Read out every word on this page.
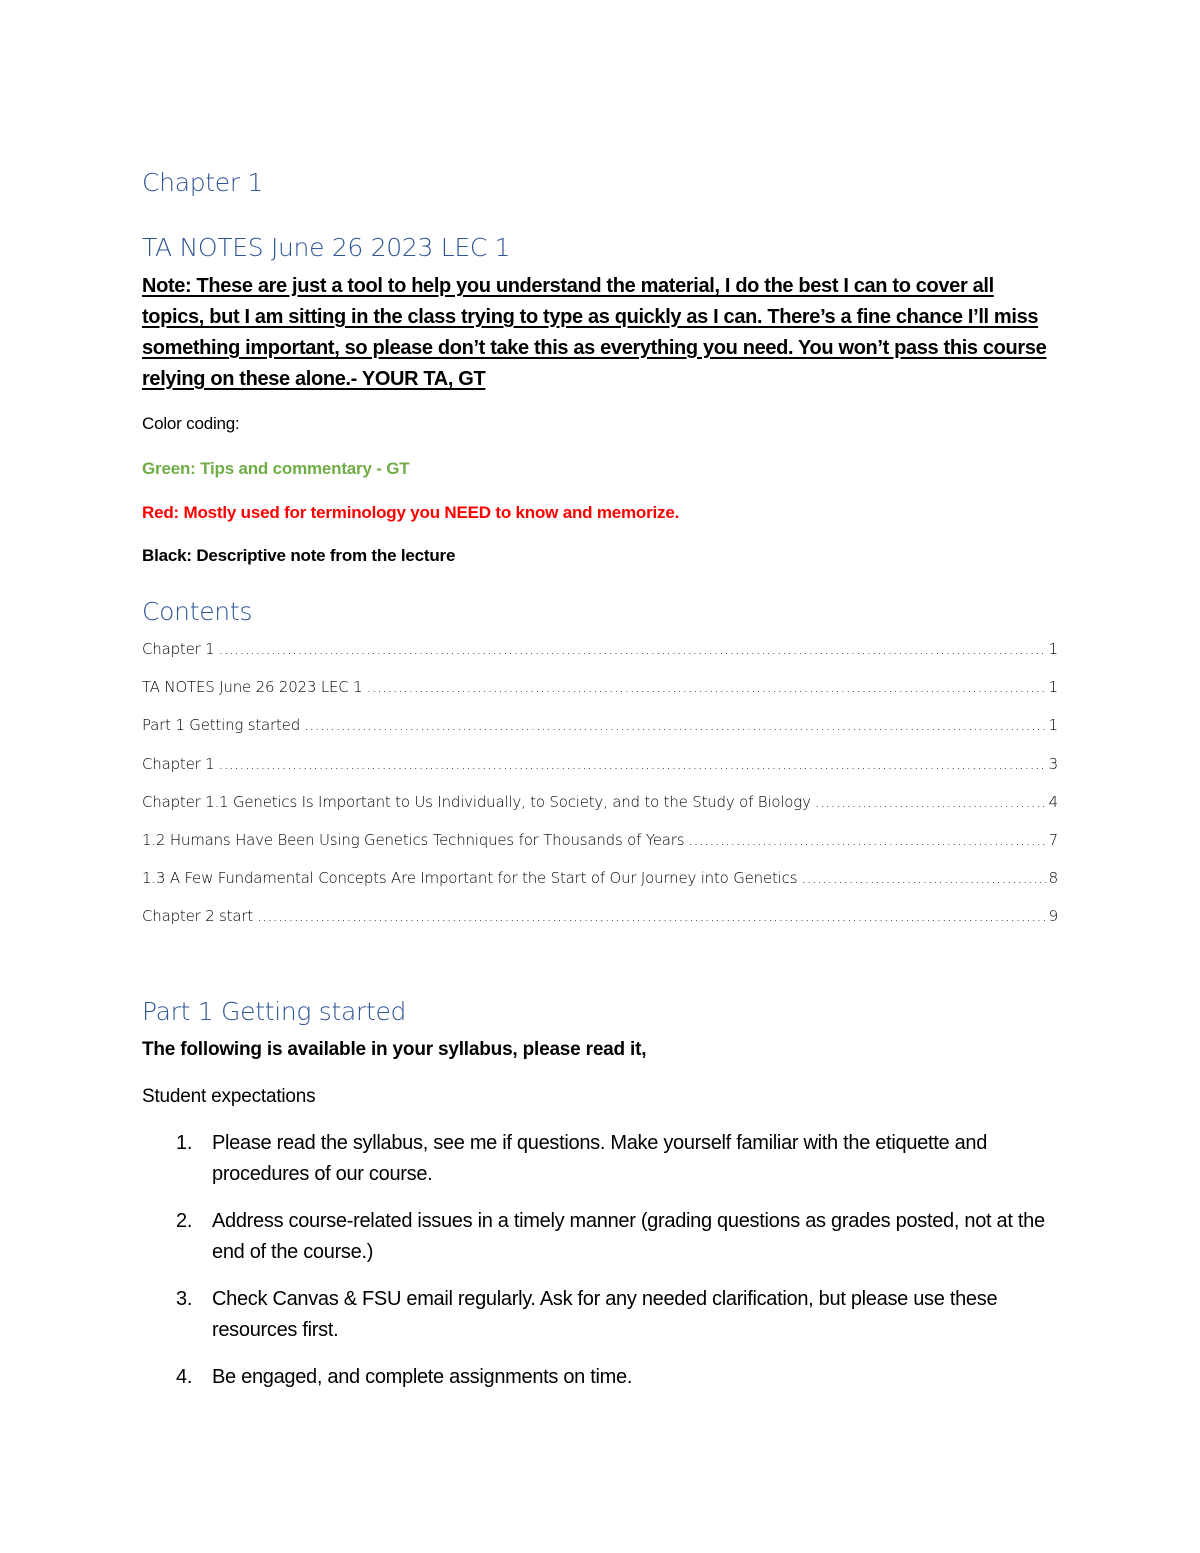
Chapter 1
TA NOTES June 26 2023 LEC 1
Note: These are just a tool to help you understand the material, I do the best I can to cover all topics, but I am sitting in the class trying to type as quickly as I can. There’s a fine chance I’ll miss something important, so please don’t take this as everything you need. You won’t pass this course relying on these alone.- YOUR TA, GT
Color coding:
Green: Tips and commentary - GT
Red: Mostly used for terminology you NEED to know and memorize.
Black: Descriptive note from the lecture
Contents
Chapter 1 .....	1
TA NOTES June 26 2023 LEC 1 .....	1
Part 1 Getting started .....	1
Chapter 1 .....	3
Chapter 1.1 Genetics Is Important to Us Individually, to Society, and to the Study of Biology .....	4
1.2 Humans Have Been Using Genetics Techniques for Thousands of Years .....	7
1.3 A Few Fundamental Concepts Are Important for the Start of Our Journey into Genetics .....	8
Chapter 2 start .....	9
Part 1 Getting started
The following is available in your syllabus, please read it,
Student expectations
1. Please read the syllabus, see me if questions. Make yourself familiar with the etiquette and procedures of our course.
2. Address course-related issues in a timely manner (grading questions as grades posted, not at the end of the course.)
3. Check Canvas & FSU email regularly. Ask for any needed clarification, but please use these resources first.
4. Be engaged, and complete assignments on time.
